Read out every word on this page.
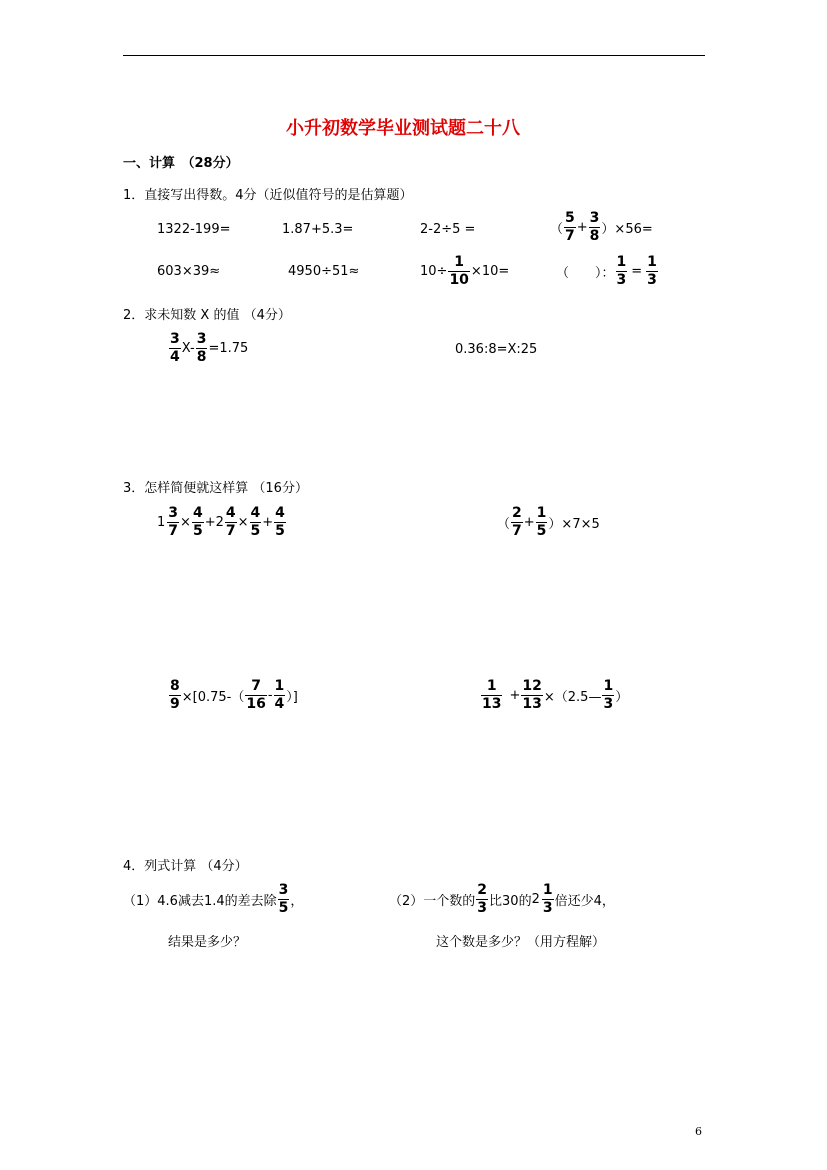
小升初数学毕业测试题二十八
一、计算　（28分）
1．直接写出得数。4分（近似值符号的是估算题）
1322-199=	1.87+5.3=	2-2÷5 =	（ $\frac{5}{7} + \frac{3}{8} )\times 56=$
603×39≈	4950÷51≈	$10\div \frac{1}{10} \times 10=$	（　　）： $\frac{1}{3} = \frac{1}{3}$
2．求未知数 X 的值 （4分）
$\frac{3}{4} X- \frac{3}{8} =1.75$	0.36:8=X:25
3．怎样简便就这样算 （16分）
$1 \frac{3}{7} \times \frac{4}{5} +2 \frac{4}{7} \times \frac{4}{5} + \frac{4}{5}$	（ $\frac{2}{7} + \frac{1}{5} )\times 7\times 5$
$\frac{8}{9} \times[0.75-( \frac{7}{16} - \frac{1}{4}$ ）]	$\frac{1}{13} + \frac{12}{13}$ ×（2.5— $\frac{1}{3}$ ）
4．列式计算 （4分）
（1）4.6减去1.4的差去除 $\frac{3}{5}$ ，
结果是多少？
（2）一个数的 $\frac{2}{3}$ 比30的 $2 \frac{1}{3}$ 倍还少4，
这个数是多少？（用方程解）
6
